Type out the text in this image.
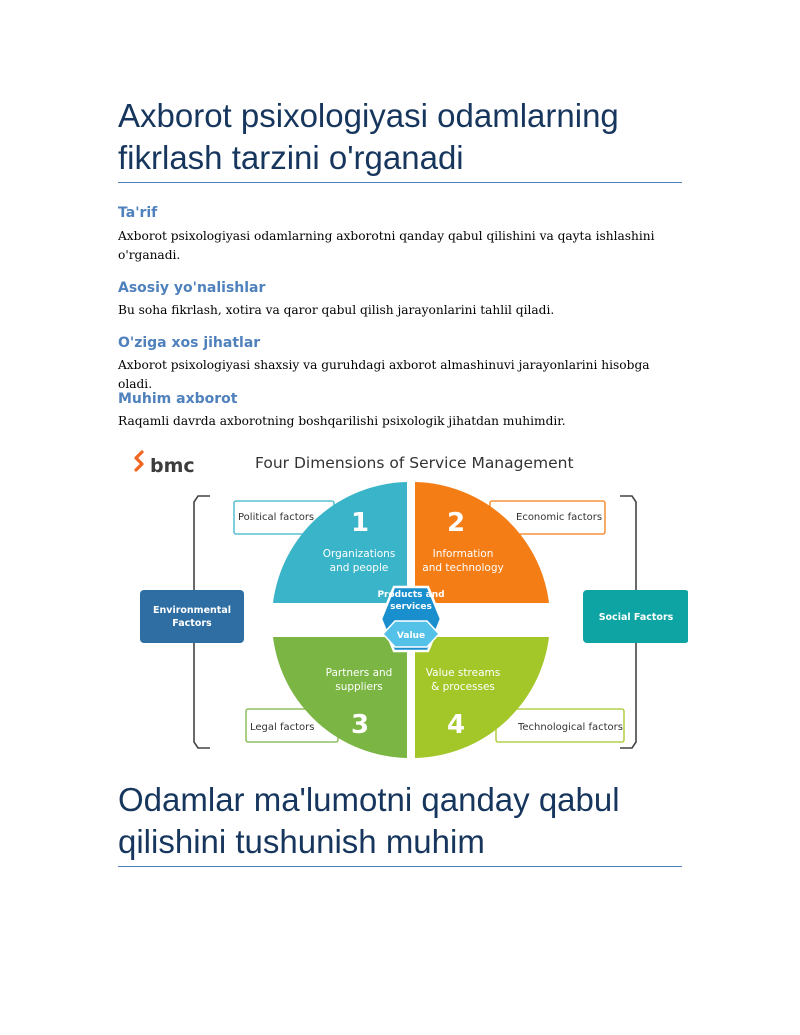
Axborot psixologiyasi odamlarning fikrlash tarzini o'rganadi
Ta'rif

Axborot psixologiyasi odamlarning axborotni qanday qabul qilishini va qayta ishlashini o'rganadi.

Asosiy yo'nalishlar

Bu soha fikrlash, xotira va qaror qabul qilish jarayonlarini tahlil qiladi.

O'ziga xos jihatlar

Axborot psixologiyasi shaxsiy va guruhdagi axborot almashinuvi jarayonlarini hisobga oladi.

Muhim axborot

Raqamli davrda axborotning boshqarilishi psixologik jihatdan muhimdir.

Odamlar ma'lumotni qanday qabul qilishini tushunish muhim
bmc	Four Dimensions of Service Management
Political factors	Economic factors
Legal factors	Technological factors
1	2
3	4
Organizations
and people
Information
and technology
Partners and
suppliers
Value streams
& processes
Products and
services
Value
Environmental
Factors
Social Factors
